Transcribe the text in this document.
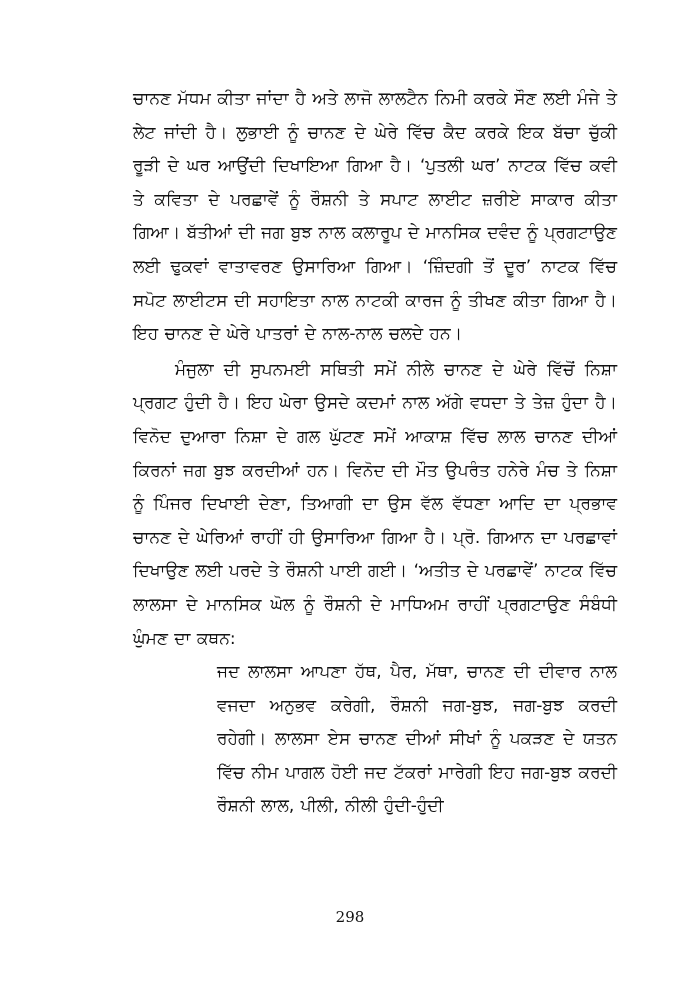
ਚਾਨਣ ਮੱਧਮ ਕੀਤਾ ਜਾਂਦਾ ਹੈ ਅਤੇ ਲਾਜੋ ਲਾਲਟੈਨ ਨਿਮੀ ਕਰਕੇ ਸੌਣ ਲਈ ਮੰਜੇ ਤੇ ਲੇਟ ਜਾਂਦੀ ਹੈ। ਲੁਭਾਈ ਨੂੰ ਚਾਨਣ ਦੇ ਘੇਰੇ ਵਿੱਚ ਕੈਦ ਕਰਕੇ ਇਕ ਬੱਚਾ ਚੁੱਕੀ ਰੂੜੀ ਦੇ ਘਰ ਆਉਂਦੀ ਦਿਖਾਇਆ ਗਿਆ ਹੈ। ‘ਪੁਤਲੀ ਘਰ’ ਨਾਟਕ ਵਿੱਚ ਕਵੀ ਤੇ ਕਵਿਤਾ ਦੇ ਪਰਛਾਵੇਂ ਨੂੰ ਰੌਸ਼ਨੀ ਤੇ ਸਪਾਟ ਲਾਈਟ ਜ਼ਰੀਏ ਸਾਕਾਰ ਕੀਤਾ ਗਿਆ। ਬੱਤੀਆਂ ਦੀ ਜਗ ਬੁਝ ਨਾਲ ਕਲਾਰੂਪ ਦੇ ਮਾਨਸਿਕ ਦਵੰਦ ਨੂੰ ਪ੍ਰਗਟਾਉਣ ਲਈ ਢੁਕਵਾਂ ਵਾਤਾਵਰਣ ਉਸਾਰਿਆ ਗਿਆ। ‘ਜ਼ਿੰਦਗੀ ਤੋਂ ਦੂਰ’ ਨਾਟਕ ਵਿੱਚ ਸਪੋਟ ਲਾਈਟਸ ਦੀ ਸਹਾਇਤਾ ਨਾਲ ਨਾਟਕੀ ਕਾਰਜ ਨੂੰ ਤੀਖਣ ਕੀਤਾ ਗਿਆ ਹੈ। ਇਹ ਚਾਨਣ ਦੇ ਘੇਰੇ ਪਾਤਰਾਂ ਦੇ ਨਾਲ-ਨਾਲ ਚਲਦੇ ਹਨ।

ਮੰਜੁਲਾ ਦੀ ਸੁਪਨਮਈ ਸਥਿਤੀ ਸਮੇਂ ਨੀਲੇ ਚਾਨਣ ਦੇ ਘੇਰੇ ਵਿੱਚੋਂ ਨਿਸ਼ਾ ਪ੍ਰਗਟ ਹੁੰਦੀ ਹੈ। ਇਹ ਘੇਰਾ ਉਸਦੇ ਕਦਮਾਂ ਨਾਲ ਅੱਗੇ ਵਧਦਾ ਤੇ ਤੇਜ਼ ਹੁੰਦਾ ਹੈ। ਵਿਨੋਦ ਦੁਆਰਾ ਨਿਸ਼ਾ ਦੇ ਗਲ ਘੁੱਟਣ ਸਮੇਂ ਆਕਾਸ਼ ਵਿੱਚ ਲਾਲ ਚਾਨਣ ਦੀਆਂ ਕਿਰਨਾਂ ਜਗ ਬੁਝ ਕਰਦੀਆਂ ਹਨ। ਵਿਨੋਦ ਦੀ ਮੌਤ ਉਪਰੰਤ ਹਨੇਰੇ ਮੰਚ ਤੇ ਨਿਸ਼ਾ ਨੂੰ ਪਿੰਜਰ ਦਿਖਾਈ ਦੇਣਾ, ਤਿਆਗੀ ਦਾ ਉਸ ਵੱਲ ਵੱਧਣਾ ਆਦਿ ਦਾ ਪ੍ਰਭਾਵ ਚਾਨਣ ਦੇ ਘੇਰਿਆਂ ਰਾਹੀਂ ਹੀ ਉਸਾਰਿਆ ਗਿਆ ਹੈ। ਪ੍ਰੋ. ਗਿਆਨ ਦਾ ਪਰਛਾਵਾਂ ਦਿਖਾਉਣ ਲਈ ਪਰਦੇ ਤੇ ਰੌਸ਼ਨੀ ਪਾਈ ਗਈ। ‘ਅਤੀਤ ਦੇ ਪਰਛਾਵੇਂ’ ਨਾਟਕ ਵਿੱਚ ਲਾਲਸਾ ਦੇ ਮਾਨਸਿਕ ਘੋਲ ਨੂੰ ਰੌਸ਼ਨੀ ਦੇ ਮਾਧਿਅਮ ਰਾਹੀਂ ਪ੍ਰਗਟਾਉਣ ਸੰਬੰਧੀ ਘੁੰਮਣ ਦਾ ਕਥਨ:

ਜਦ ਲਾਲਸਾ ਆਪਣਾ ਹੱਥ, ਪੈਰ, ਮੱਥਾ, ਚਾਨਣ ਦੀ ਦੀਵਾਰ ਨਾਲ ਵਜਦਾ ਅਨੁਭਵ ਕਰੇਗੀ, ਰੌਸ਼ਨੀ ਜਗ-ਬੁਝ, ਜਗ-ਬੁਝ ਕਰਦੀ ਰਹੇਗੀ। ਲਾਲਸਾ ਏਸ ਚਾਨਣ ਦੀਆਂ ਸੀਖਾਂ ਨੂੰ ਪਕੜਣ ਦੇ ਯਤਨ ਵਿੱਚ ਨੀਮ ਪਾਗਲ ਹੋਈ ਜਦ ਟੱਕਰਾਂ ਮਾਰੇਗੀ ਇਹ ਜਗ-ਬੁਝ ਕਰਦੀ ਰੌਸ਼ਨੀ ਲਾਲ, ਪੀਲੀ, ਨੀਲੀ ਹੁੰਦੀ-ਹੁੰਦੀ

298
